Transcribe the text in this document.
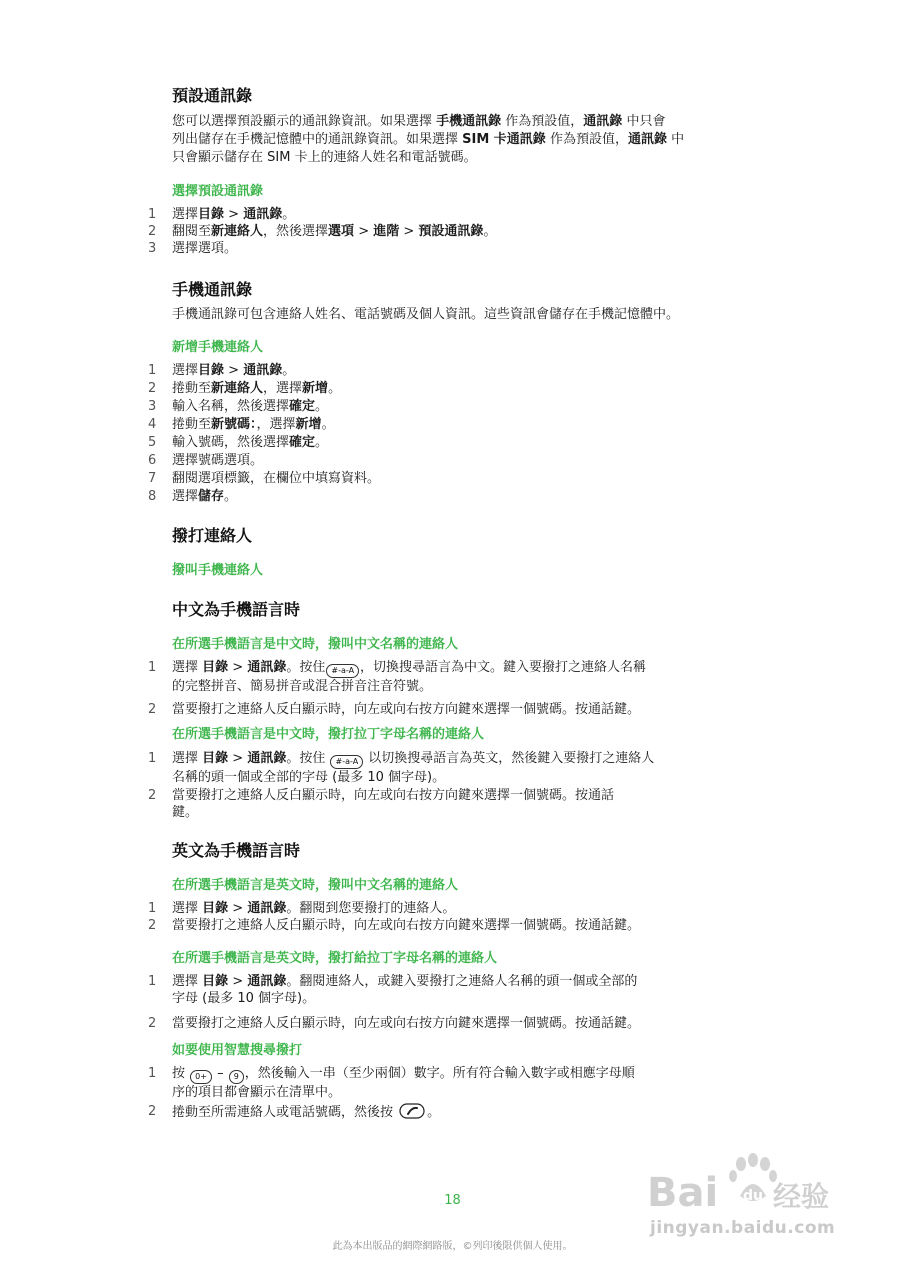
預設通訊錄
您可以選擇預設顯示的通訊錄資訊。如果選擇 手機通訊錄 作為預設值，通訊錄 中只會
列出儲存在手機記憶體中的通訊錄資訊。如果選擇 SIM 卡通訊錄 作為預設值，通訊錄 中
只會顯示儲存在 SIM 卡上的連絡人姓名和電話號碼。
選擇預設通訊錄
手機通訊錄
手機通訊錄可包含連絡人姓名、電話號碼及個人資訊。這些資訊會儲存在手機記憶體中。
新增手機連絡人
撥打連絡人
撥叫手機連絡人
中文為手機語言時
在所選手機語言是中文時，撥叫中文名稱的連絡人
在所選手機語言是中文時，撥打拉丁字母名稱的連絡人
英文為手機語言時
在所選手機語言是英文時，撥叫中文名稱的連絡人
在所選手機語言是英文時，撥打給拉丁字母名稱的連絡人
如要使用智慧搜尋撥打
18
此為本出版品的網際網路版，©列印後限供個人使用。
Bai 经验
du
jingyan.baidu.com
1	選擇目錄 > 通訊錄。
2	翻閱至新連絡人，然後選擇選項 > 進階 > 預設通訊錄。
3	選擇選項。
1	選擇目錄 > 通訊錄。
2	捲動至新連絡人，選擇新增。
3	輸入名稱，然後選擇確定。
4	捲動至新號碼：，選擇新增。
5	輸入號碼，然後選擇確定。
6	選擇號碼選項。
7	翻閱選項標籤，在欄位中填寫資料。
8	選擇儲存。
1	選擇 目錄 > 通訊錄。按住 #-a-A ，切換搜尋語言為中文。鍵入要撥打之連絡人名稱
的完整拼音、簡易拼音或混合拼音注音符號。
2	當要撥打之連絡人反白顯示時，向左或向右按方向鍵來選擇一個號碼。按通話鍵。
1	選擇 目錄 > 通訊錄。按住 #-a-A 以切換搜尋語言為英文，然後鍵入要撥打之連絡人
名稱的頭一個或全部的字母 (最多 10 個字母)。
2	當要撥打之連絡人反白顯示時，向左或向右按方向鍵來選擇一個號碼。按通話
鍵。
1	選擇 目錄 > 通訊錄。翻閱到您要撥打的連絡人。
2	當要撥打之連絡人反白顯示時，向左或向右按方向鍵來選擇一個號碼。按通話鍵。
1	選擇 目錄 > 通訊錄。翻閱連絡人，或鍵入要撥打之連絡人名稱的頭一個或全部的
字母 (最多 10 個字母)。
2	當要撥打之連絡人反白顯示時，向左或向右按方向鍵來選擇一個號碼。按通話鍵。
1	按 0+ – 9 ，然後輸入一串（至少兩個）數字。所有符合輸入數字或相應字母順
序的項目都會顯示在清單中。
2	捲動至所需連絡人或電話號碼，然後按 。
